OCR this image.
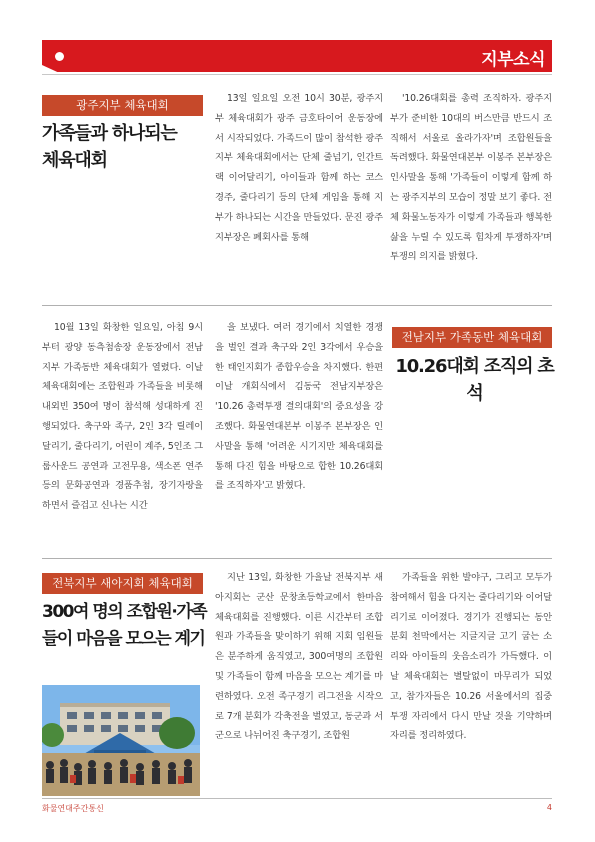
지부소식
광주지부 체육대회
가족들과 하나되는
체육대회

13일 일요일 오전 10시 30분, 광주지부 체육대회가 광주 금호타이어 운동장에서 시작되었다. 가족드이 많이 참석한 광주지부 체육대회에서는 단체 줄넘기, 인간트랙 이어달리기, 아이들과 함께 하는 코스 경주, 줄다리기 등의 단체 게임을 통해 지부가 하나되는 시간을 만들었다. 문진 광주지부장은 폐회사를 통해

'10.26대회를 총력 조직하자. 광주지부가 준비한 10대의 버스만큼 반드시 조직해서 서울로 올라가자'며 조합원들을 독려했다. 화물연대본부 이봉주 본부장은 인사말을 통해 '가족들이 이렇게 함께 하는 광주지부의 모습이 정말 보기 좋다. 전체 화물노동자가 이렇게 가족들과 행복한 삶을 누릴 수 있도록 힘차게 투쟁하자'며 투쟁의 의지를 밝혔다.

10월 13일 화창한 일요일, 아침 9시부터 광양 동측첨송장 운동장에서 전남지부 가족동반 체육대회가 열렸다. 이날 체육대회에는 조합원과 가족들을 비롯해 내외빈 350여 명이 참석해 성대하게 진행되었다. 축구와 족구, 2인 3각 릴레이 달리기, 줄다리기, 어린이 계주, 5인조 그룹사운드 공연과 고전무용, 색소폰 연주 등의 문화공연과 경품추첨, 장기자랑을 하면서 즐겁고 신나는 시간

을 보냈다. 여러 경기에서 치열한 경쟁을 벌인 결과 축구와 2인 3각에서 우승을 한 태인지회가 종합우승을 차지했다. 한편 이날 개회식에서 김동국 전남지부장은 '10.26 총력투쟁 결의대회'의 중요성을 강조했다. 화물연대본부 이봉주 본부장은 인사말을 통해 '어려운 시기지만 체육대회를 통해 다진 힘을 바탕으로 합한 10.26대회를 조직하자'고 밝혔다.

전남지부 가족동반 체육대회
10.26대회 조직의 초석
전북지부 새아지회 체육대회
300여 명의 조합원·가족
들이 마음을 모으는 계기

지난 13일, 화창한 가을날 전북지부 새아지회는 군산 문창초등학교에서 한마음 체육대회를 진행했다. 이른 시간부터 조합원과 가족들을 맞이하기 위해 지회 임원들은 분주하게 움직였고, 300여명의 조합원 및 가족들이 함께 마음을 모으는 계기를 마련하였다. 오전 족구경기 리그전을 시작으로 7개 분회가 각축전을 벌였고, 동군과 서군으로 나뉘어진 축구경기, 조합원

가족들을 위한 발야구, 그리고 모두가 참여해서 힘을 다지는 줄다리기와 이어달리기로 이어졌다. 경기가 진행되는 동안 분회 천막에서는 지글지글 고기 굽는 소리와 아이들의 웃음소리가 가득했다. 이 날 체육대회는 별탈없이 마무리가 되었고, 참가자들은 10.26 서울에서의 집중투쟁 자리에서 다시 만날 것을 기약하며 자리를 정리하였다.

화물연대주간통신	4
